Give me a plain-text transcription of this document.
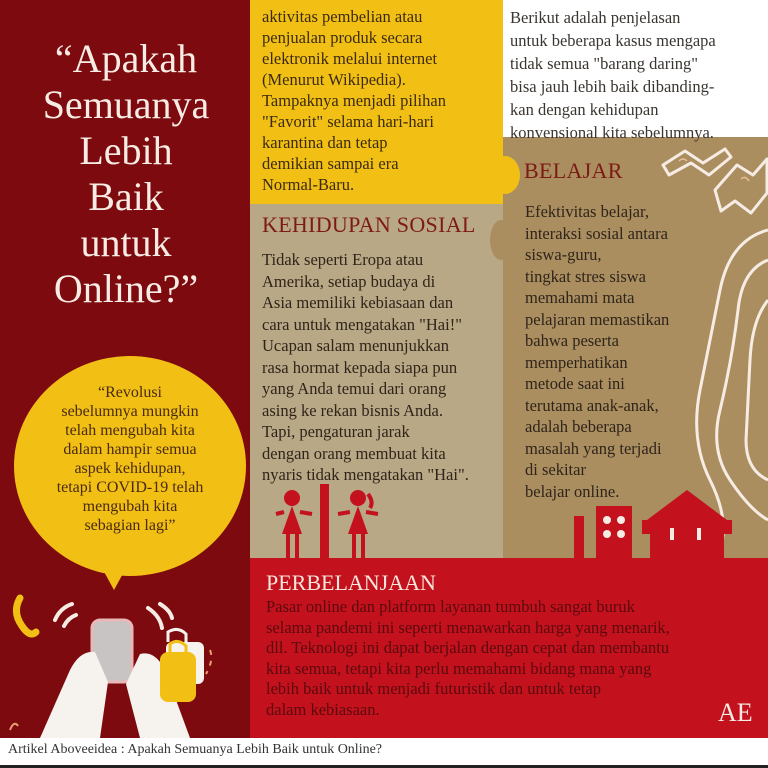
“Apakah
Semuanya
Lebih
Baik
untuk
Online?”
“Revolusi
sebelumnya mungkin
telah mengubah kita
dalam hampir semua
aspek kehidupan,
tetapi COVID-19 telah
mengubah kita
sebagian lagi”
aktivitas pembelian atau
penjualan produk secara
elektronik melalui internet
(Menurut Wikipedia).
Tampaknya menjadi pilihan
"Favorit" selama hari-hari
karantina dan tetap
demikian sampai era
Normal-Baru.
Berikut adalah penjelasan
untuk beberapa kasus mengapa
tidak semua "barang daring"
bisa jauh lebih baik dibanding-
kan dengan kehidupan
konvensional kita sebelumnya.
KEHIDUPAN SOSIAL
Tidak seperti Eropa atau
Amerika, setiap budaya di
Asia memiliki kebiasaan dan
cara untuk mengatakan "Hai!"
Ucapan salam menunjukkan
rasa hormat kepada siapa pun
yang Anda temui dari orang
asing ke rekan bisnis Anda.
Tapi, pengaturan jarak
dengan orang membuat kita
nyaris tidak mengatakan "Hai".
BELAJAR
Efektivitas belajar,
interaksi sosial antara
siswa-guru,
tingkat stres siswa
memahami mata
pelajaran memastikan
bahwa peserta
memperhatikan
metode saat ini
terutama anak-anak,
adalah beberapa
masalah yang terjadi
di sekitar
belajar online.
PERBELANJAAN
Pasar online dan platform layanan tumbuh sangat buruk
selama pandemi ini seperti menawarkan harga yang menarik,
dll. Teknologi ini dapat berjalan dengan cepat dan membantu
kita semua, tetapi kita perlu memahami bidang mana yang
lebih baik untuk menjadi futuristik dan untuk tetap
dalam kebiasaan.	AE
Artikel Aboveeidea : Apakah Semuanya Lebih Baik untuk Online?
